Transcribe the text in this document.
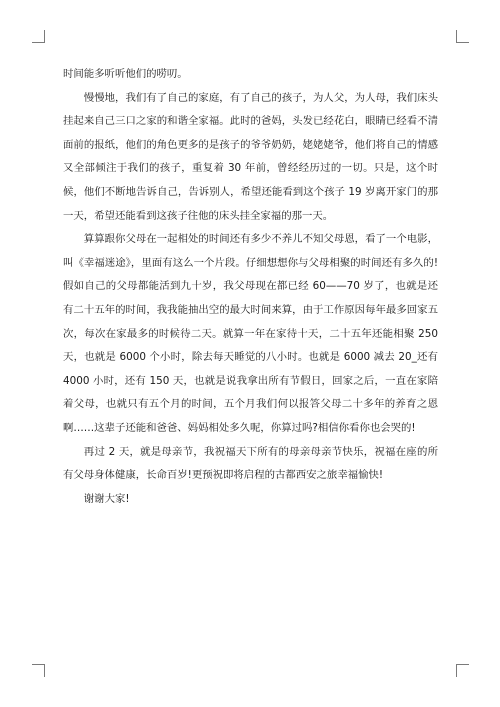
时间能多听听他们的唠叨。

慢慢地，我们有了自己的家庭，有了自己的孩子，为人父，为人母，我们床头挂起来自己三口之家的和谐全家福。此时的爸妈，头发已经花白，眼睛已经看不清面前的报纸，他们的角色更多的是孩子的爷爷奶奶，姥姥姥爷，他们将自己的情感又全部倾注于我们的孩子，重复着 30 年前，曾经经历过的一切。只是，这个时候，他们不断地告诉自己，告诉别人，希望还能看到这个孩子 19 岁离开家门的那一天，希望还能看到这孩子往他的床头挂全家福的那一天。

算算跟你父母在一起相处的时间还有多少不养儿不知父母恩，看了一个电影，叫《幸福迷途》，里面有这么一个片段。仔细想想你与父母相聚的时间还有多久的!假如自己的父母都能活到九十岁，我父母现在都已经 60——70 岁了，也就是还有二十五年的时间，我我能抽出空的最大时间来算，由于工作原因每年最多回家五次，每次在家最多的时候待二天。就算一年在家待十天，二十五年还能相聚 250 天，也就是 6000 个小时，除去每天睡觉的八小时。也就是 6000 减去 20_还有 4000 小时，还有 150 天，也就是说我拿出所有节假日，回家之后，一直在家陪着父母，也就只有五个月的时间，五个月我们何以报答父母二十多年的养育之恩啊……这辈子还能和爸爸、妈妈相处多久呢，你算过吗?相信你看你也会哭的!

再过 2 天，就是母亲节，我祝福天下所有的母亲母亲节快乐，祝福在座的所有父母身体健康，长命百岁!更预祝即将启程的古都西安之旅幸福愉快!

谢谢大家!
